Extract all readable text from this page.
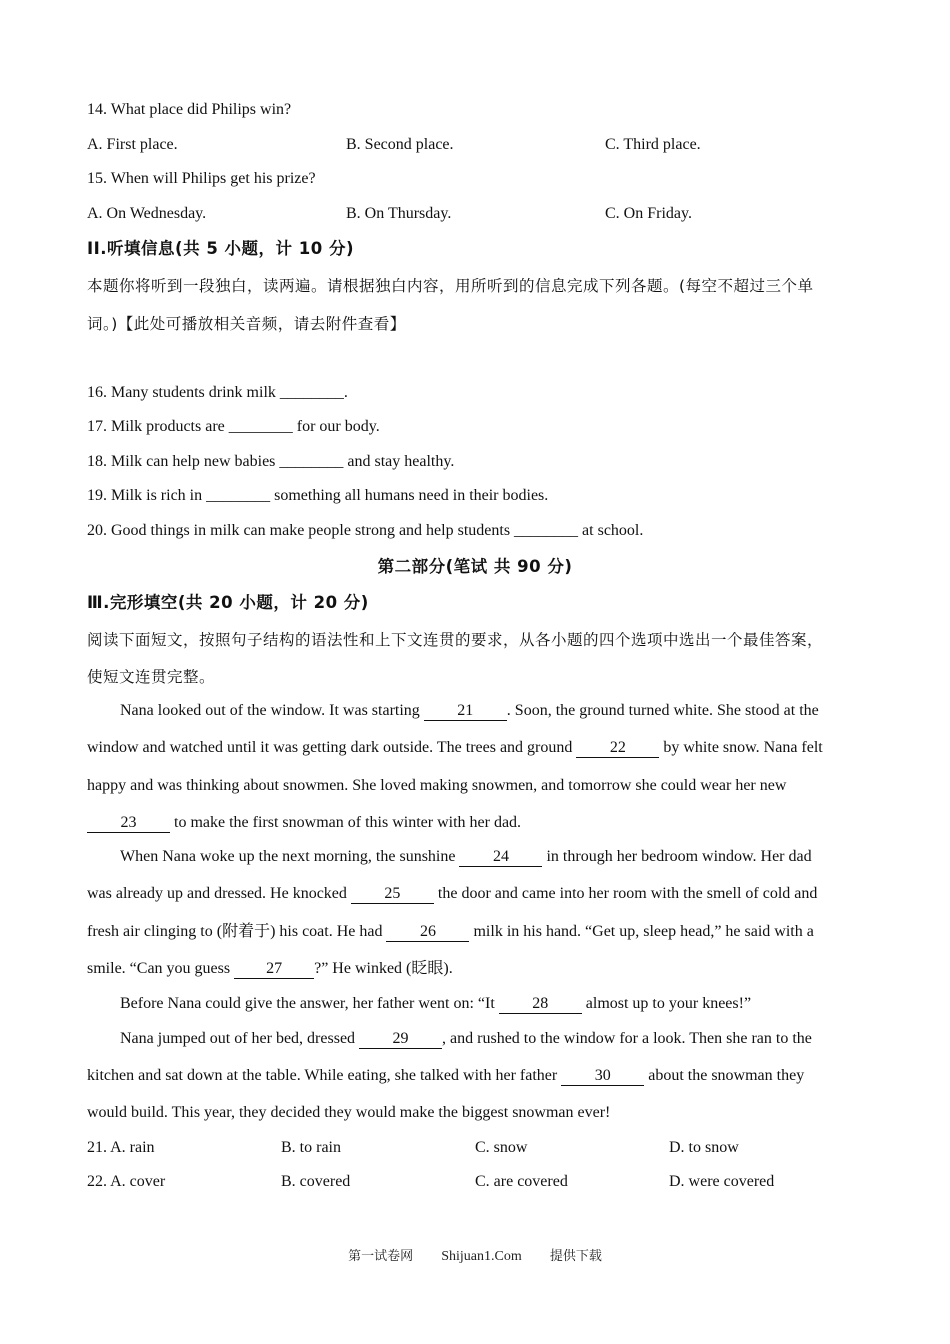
14. What place did Philips win?
A. First place.	B. Second place.	C. Third place.
15. When will Philips get his prize?
A. On Wednesday.	B. On Thursday.	C. On Friday.
II.听填信息(共 5 小题，计 10 分)
本题你将听到一段独白，读两遍。请根据独白内容，用所听到的信息完成下列各题。(每空不超过三个单
词。)【此处可播放相关音频，请去附件查看】
16. Many students drink milk ________.
17. Milk products are ________ for our body.
18. Milk can help new babies ________ and stay healthy.
19. Milk is rich in ________ something all humans need in their bodies.
20. Good things in milk can make people strong and help students ________ at school.
第二部分(笔试 共 90 分)
Ⅲ.完形填空(共 20 小题，计 20 分)
阅读下面短文，按照句子结构的语法性和上下文连贯的要求，从各小题的四个选项中选出一个最佳答案，
使短文连贯完整。
Nana looked out of the window. It was starting 21 . Soon, the ground turned white. She stood at the
window and watched until it was getting dark outside. The trees and ground 22 by white snow. Nana felt
happy and was thinking about snowmen. She loved making snowmen, and tomorrow she could wear her new
23 to make the first snowman of this winter with her dad.
When Nana woke up the next morning, the sunshine 24 in through her bedroom window. Her dad
was already up and dressed. He knocked 25 the door and came into her room with the smell of cold and
fresh air clinging to (附着于) his coat. He had 26 milk in his hand. “Get up, sleep head,” he said with a
smile. “Can you guess 27 ?” He winked (眨眼).
Before Nana could give the answer, her father went on: “It 28 almost up to your knees!”
Nana jumped out of her bed, dressed 29 , and rushed to the window for a look. Then she ran to the
kitchen and sat down at the table. While eating, she talked with her father 30 about the snowman they
would build. This year, they decided they would make the biggest snowman ever!
21. A. rain	B. to rain	C. snow	D. to snow
22. A. cover	B. covered	C. are covered	D. were covered
第一试卷网 Shijuan1.Com 提供下载
